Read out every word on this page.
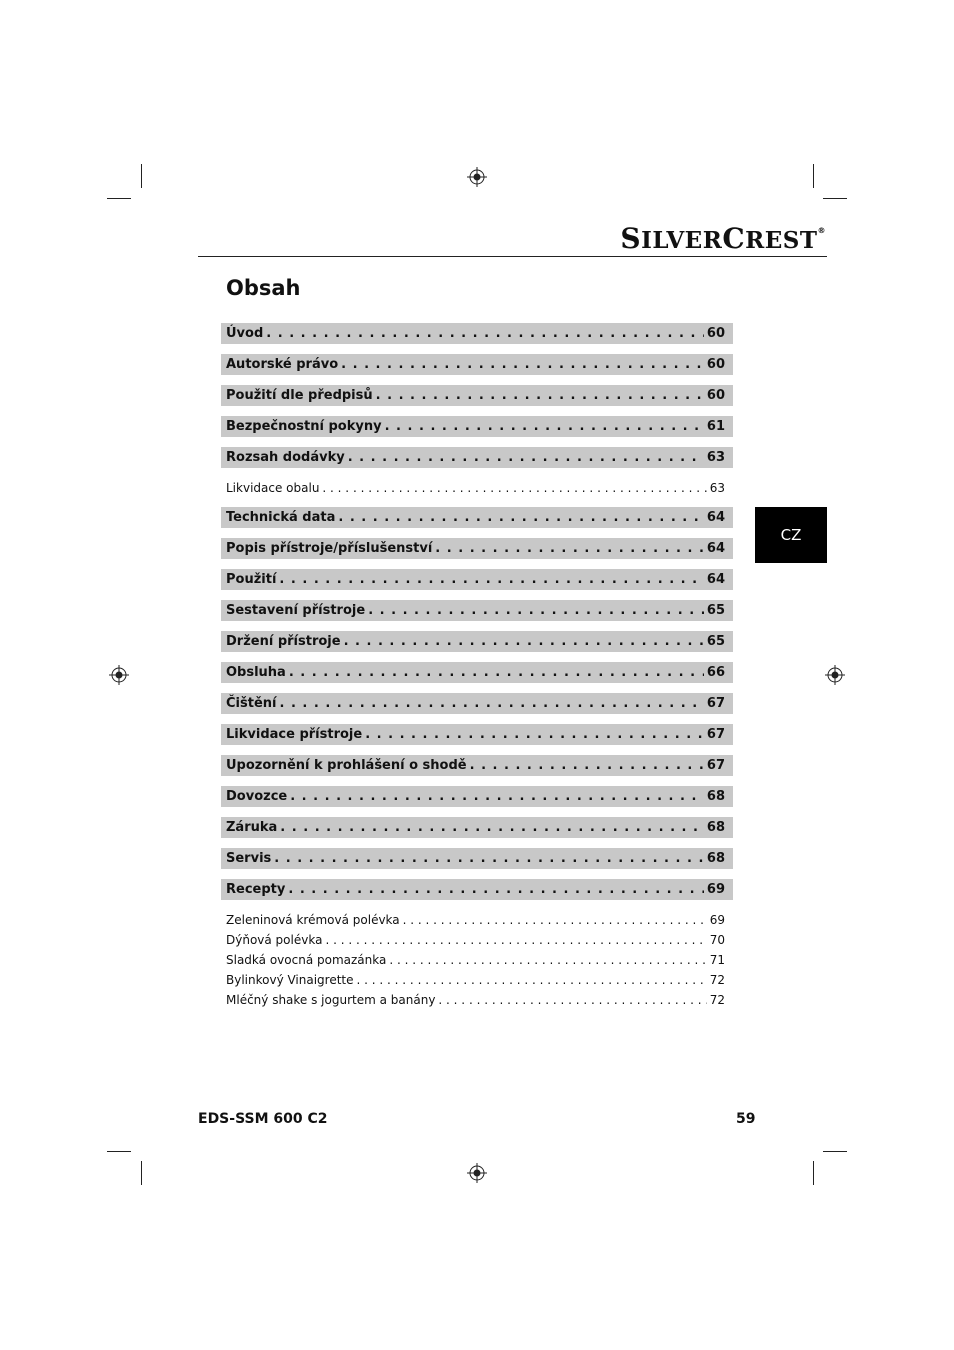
SILVERCREST®
Obsah
CZ
Úvod . . .	60
Autorské právo . . .	60
Použití dle předpisů . . .	60
Bezpečnostní pokyny . . .	61
Rozsah dodávky . . .	63
Likvidace obalu . . .	63
Technická data . . .	64
Popis přístroje/příslušenství . . .	64
Použití . . .	64
Sestavení přístroje . . .	65
Držení přístroje . . .	65
Obsluha . . .	66
Čištění . . .	67
Likvidace přístroje . . .	67
Upozornění k prohlášení o shodě . . .	67
Dovozce . . .	68
Záruka . . .	68
Servis . . .	68
Recepty . . .	69
Zeleninová krémová polévka . . .	69
Dýňová polévka . . .	70
Sladká ovocná pomazánka . . .	71
Bylinkový Vinaigrette . . .	72
Mléčný shake s jogurtem a banány . . .	72
EDS-SSM 600 C2	59
